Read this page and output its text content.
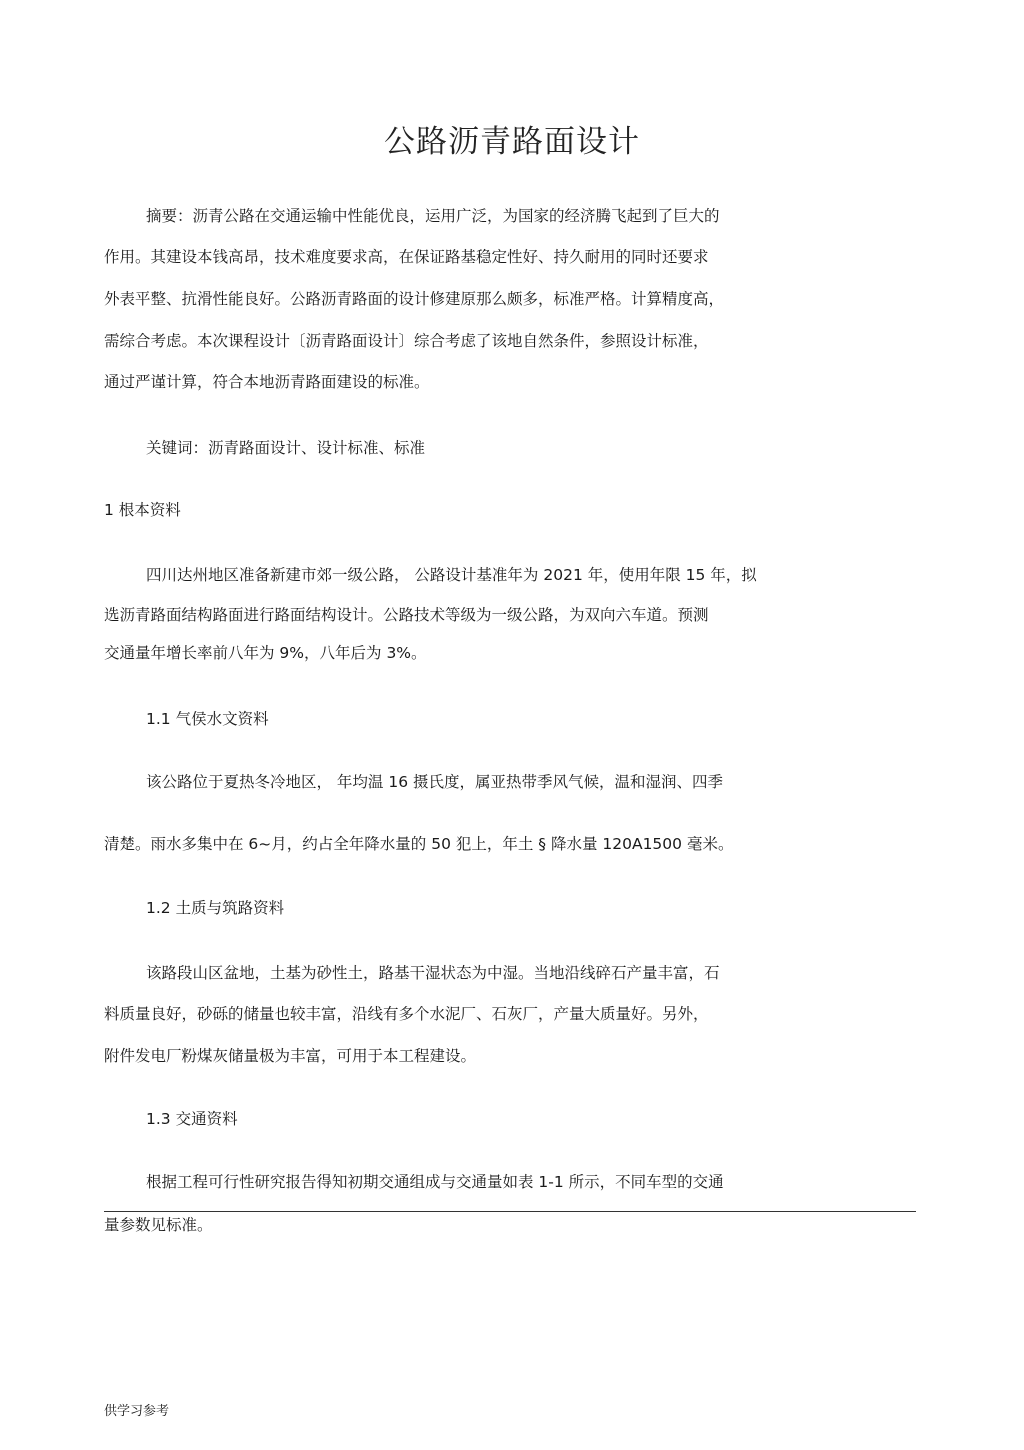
公路沥青路面设计
摘要：沥青公路在交通运输中性能优良，运用广泛，为国家的经济腾飞起到了巨大的
作用。其建设本钱高昂，技术难度要求高，在保证路基稳定性好、持久耐用的同时还要求
外表平整、抗滑性能良好。公路沥青路面的设计修建原那么颇多，标准严格。计算精度高，
需综合考虑。本次课程设计〔沥青路面设计〕综合考虑了该地自然条件，参照设计标准，
通过严谨计算，符合本地沥青路面建设的标准。
关键词：沥青路面设计、设计标准、标准
1 根本资料
四川达州地区准备新建市郊一级公路， 公路设计基准年为 2021 年，使用年限 15 年，拟
选沥青路面结构路面进行路面结构设计。公路技术等级为一级公路，为双向六车道。预测
交通量年增长率前八年为 9%，八年后为 3%。
1.1 气侯水文资料
该公路位于夏热冬冷地区， 年均温 16 摄氏度，属亚热带季风气候，温和湿润、四季
清楚。雨水多集中在 6~月，约占全年降水量的 50 犯上，年土 § 降水量 120A1500 毫米。
1.2 土质与筑路资料
该路段山区盆地，土基为砂性土，路基干湿状态为中湿。当地沿线碎石产量丰富，石
料质量良好，砂砾的储量也较丰富，沿线有多个水泥厂、石灰厂，产量大质量好。另外，
附件发电厂粉煤灰储量极为丰富，可用于本工程建设。
1.3 交通资料
根据工程可行性研究报告得知初期交通组成与交通量如表 1-1 所示，不同车型的交通
量参数见标准。
供学习参考
